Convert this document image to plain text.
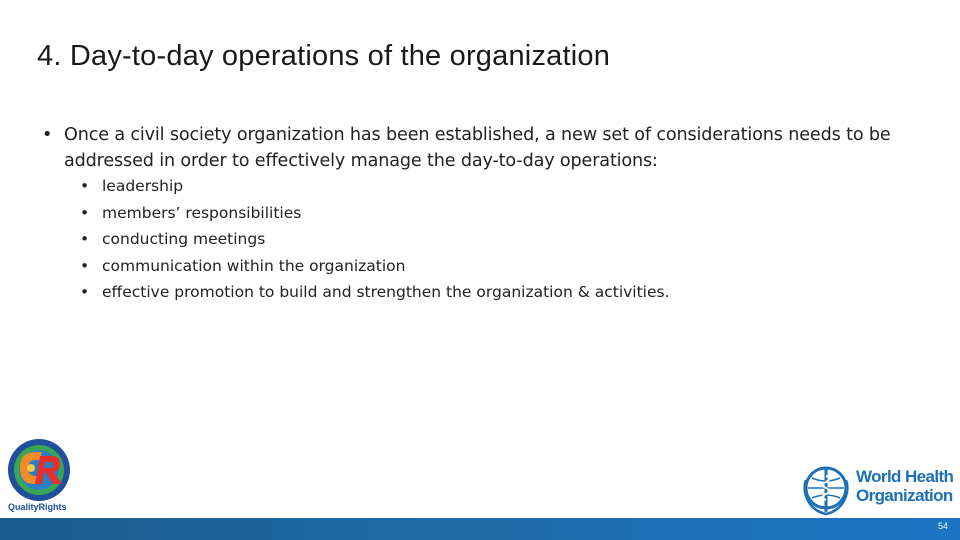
4. Day-to-day operations of the organization
• Once a civil society organization has been established, a new set of considerations needs to be addressed in order to effectively manage the day-to-day operations:
• leadership
• members’ responsibilities
• conducting meetings
• communication within the organization
• effective promotion to build and strengthen the organization & activities.
QualityRights
World Health
Organization
54
